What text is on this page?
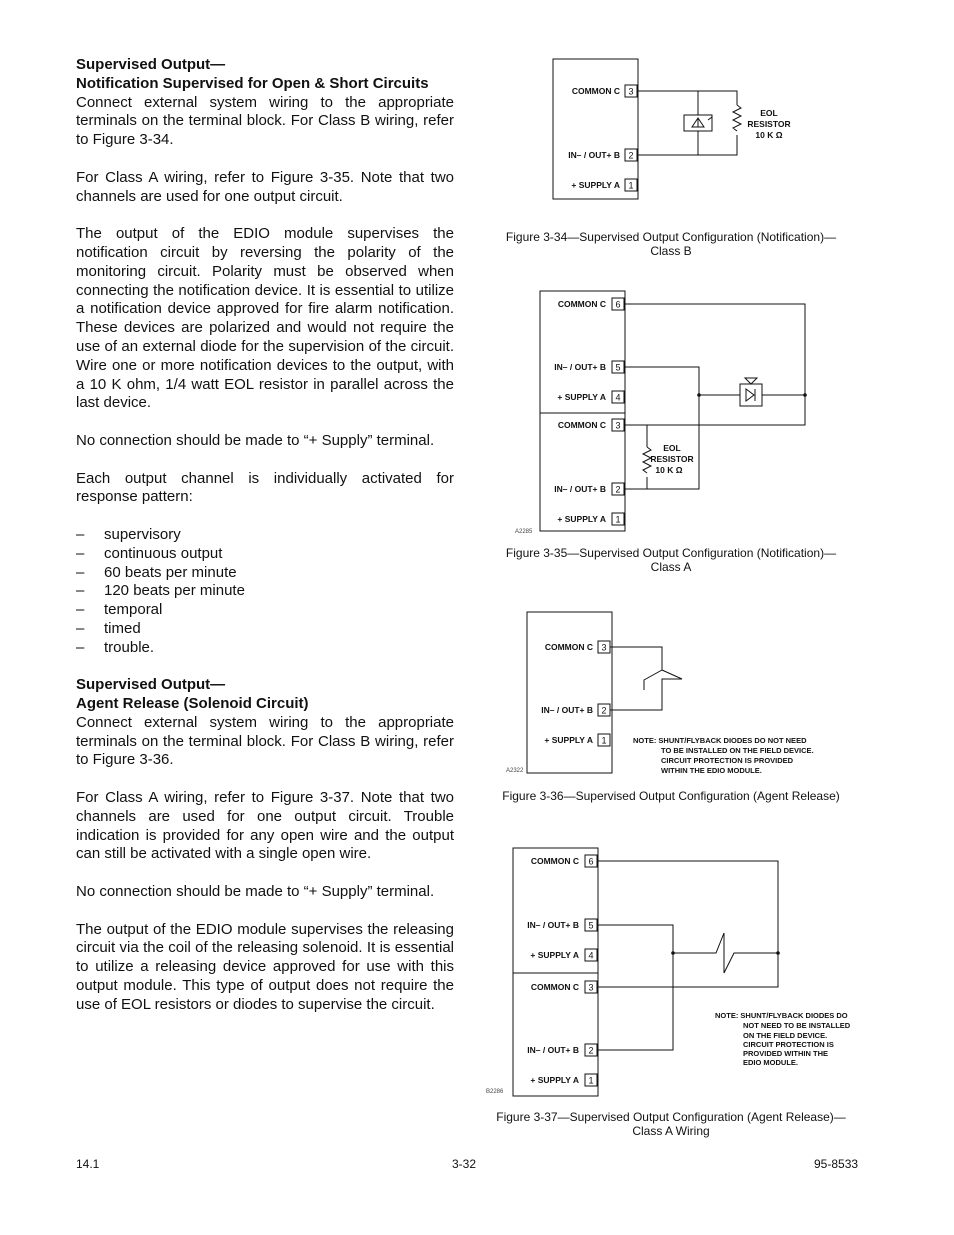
Supervised Output—
Notification Supervised for Open & Short Circuits

Connect external system wiring to the appropriate terminals on the terminal block. For Class B wiring, refer to Figure 3-34.

For Class A wiring, refer to Figure 3-35. Note that two channels are used for one output circuit.

The output of the EDIO module supervises the notification circuit by reversing the polarity of the monitoring circuit. Polarity must be observed when connecting the notification device. It is essential to utilize a notification device approved for fire alarm notification. These devices are polarized and would not require the use of an external diode for the supervision of the circuit. Wire one or more notification devices to the output, with a 10 K ohm, 1/4 watt EOL resistor in parallel across the last device.

No connection should be made to “+ Supply” terminal.

Each output channel is individually activated for response pattern:

– supervisory
– continuous output
– 60 beats per minute
– 120 beats per minute
– temporal
– timed
– trouble.
Supervised Output—
Agent Release (Solenoid Circuit)

Connect external system wiring to the appropriate terminals on the terminal block. For Class B wiring, refer to Figure 3-36.

For Class A wiring, refer to Figure 3-37. Note that two channels are used for one output circuit. Trouble indication is provided for any open wire and the output can still be activated with a single open wire.

No connection should be made to “+ Supply” terminal.

The output of the EDIO module supervises the releasing circuit via the coil of the releasing solenoid. It is essential to utilize a releasing device approved for use with this output module. This type of output does not require the use of EOL resistors or diodes to supervise the circuit.

COMMON C
IN– / OUT+ B
+ SUPPLY A
3
2
1
EOL
RESISTOR
10 K Ω
COMMON C
IN– / OUT+ B
+ SUPPLY A
COMMON C
IN– / OUT+ B
+ SUPPLY A
6
5
4
3
2
1
EOL
RESISTOR
10 K Ω
A2285
COMMON C
IN– / OUT+ B
+ SUPPLY A
3
2
1	NOTE: SHUNT/FLYBACK DIODES DO NOT NEED
TO BE INSTALLED ON THE FIELD DEVICE.
CIRCUIT PROTECTION IS PROVIDED
WITHIN THE EDIO MODULE.
A2322
COMMON C
IN– / OUT+ B
+ SUPPLY A
COMMON C
IN– / OUT+ B
+ SUPPLY A
6
5
4
3
2
1
NOTE: SHUNT/FLYBACK DIODES DO
NOT NEED TO BE INSTALLED
ON THE FIELD DEVICE.
CIRCUIT PROTECTION IS
PROVIDED WITHIN THE
EDIO MODULE.
B2286
Figure 3-34—Supervised Output Configuration (Notification)—
Class B
Figure 3-35—Supervised Output Configuration (Notification)—
Class A
Figure 3-36—Supervised Output Configuration (Agent Release)
Figure 3-37—Supervised Output Configuration (Agent Release)—
Class A Wiring
14.1	3-32	95-8533
